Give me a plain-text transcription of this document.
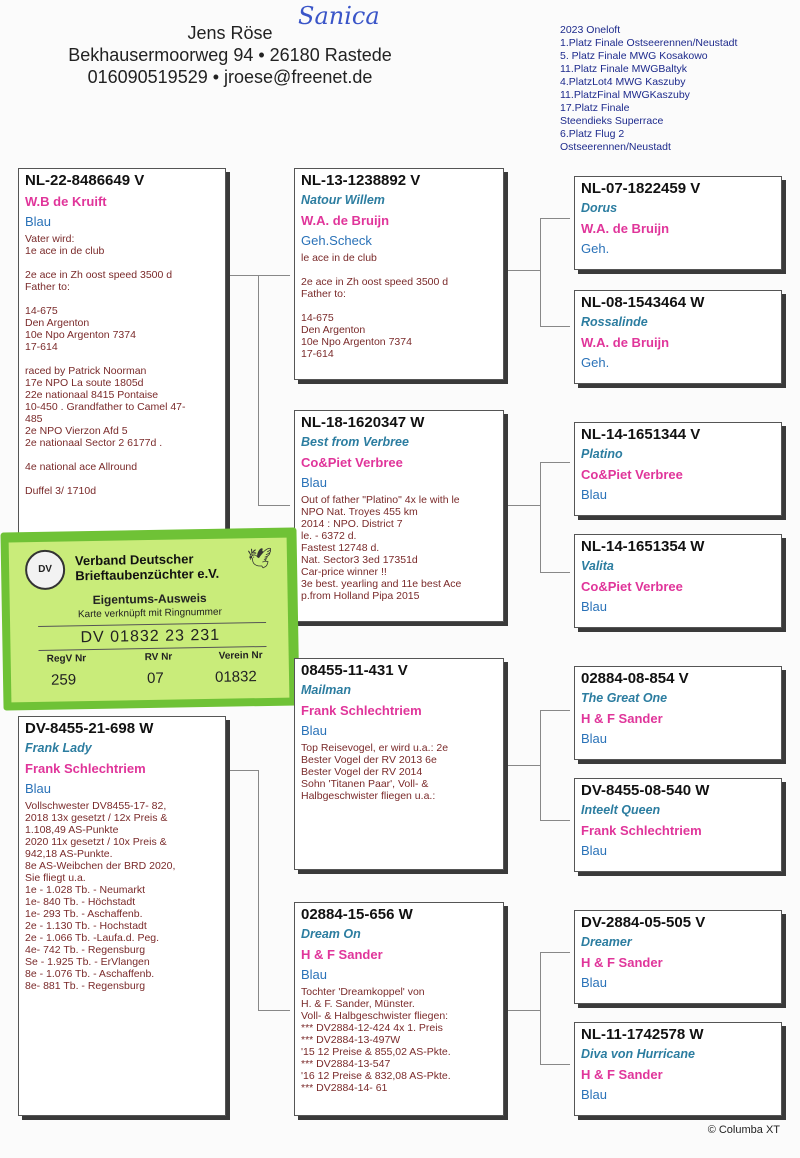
Sanica
Jens Röse
Bekhausermoorweg 94 • 26180 Rastede
016090519529 • jroese@freenet.de
2023 Oneloft
1.Platz Finale Ostseerennen/Neustadt
5. Platz Finale MWG Kosakowo
11.Platz Finale MWGBaltyk
4.PlatzLot4 MWG Kaszuby
11.PlatzFinal MWGKaszuby
17.Platz Finale
Steendieks Superrace
6.Platz Flug 2
Ostseerennen/Neustadt
NL-22-8486649 V
W.B de Kruift
Blau
Vater wird:
1e ace in de club
2e ace in Zh oost speed 3500 d
Father to:
14-675
Den Argenton
10e Npo Argenton 7374
17-614
raced by Patrick Noorman
17e NPO La soute 1805d
22e nationaal 8415 Pontaise
10-450 . Grandfather to Camel 47-
485
2e NPO Vierzon Afd 5
2e nationaal Sector 2 6177d .
4e national ace Allround
Duffel 3/ 1710d
NL-13-1238892 V
Natour Willem
W.A. de Bruijn
Geh.Scheck
le ace in de club
2e ace in Zh oost speed 3500 d
Father to:
14-675
Den Argenton
10e Npo Argenton 7374
17-614
NL-18-1620347 W
Best from Verbree
Co&Piet Verbree
Blau
Out of father "Platino" 4x le with le
NPO Nat. Troyes 455 km
2014 : NPO. District 7
le. - 6372 d.
Fastest 12748 d.
Nat. Sector3 3ed 17351d
Car-price winner !!
3e best. yearling and 11e best Ace
p.from Holland Pipa 2015
NL-07-1822459 V
Dorus
W.A. de Bruijn
Geh.
NL-08-1543464 W
Rossalinde
W.A. de Bruijn
Geh.
NL-14-1651344 V
Platino
Co&Piet Verbree
Blau
NL-14-1651354 W
Valita
Co&Piet Verbree
Blau
DV	🕊
Verband Deutscher
Brieftaubenzüchter e.V.
Eigentums-Ausweis
Karte verknüpft mit Ringnummer
DV 01832 23 231
RegV Nr	RV Nr	Verein Nr
259	07	01832
DV-8455-21-698 W
Frank Lady
Frank Schlechtriem
Blau
Vollschwester DV8455-17- 82,
2018 13x gesetzt / 12x Preis &
1.108,49 AS-Punkte
2020 11x gesetzt / 10x Preis &
942,18 AS-Punkte.
8e AS-Weibchen der BRD 2020,
Sie fliegt u.a.
1e - 1.028 Tb. - Neumarkt
1e- 840 Tb. - Höchstadt
1e- 293 Tb. - Aschaffenb.
2e - 1.130 Tb. - Hochstadt
2e - 1.066 Tb. -Laufa.d. Peg.
4e- 742 Tb. - Regensburg
Se - 1.925 Tb. - ErVlangen
8e - 1.076 Tb. - Aschaffenb.
8e- 881 Tb. - Regensburg
08455-11-431 V
Mailman
Frank Schlechtriem
Blau
Top Reisevogel, er wird u.a.: 2e
Bester Vogel der RV 2013 6e
Bester Vogel der RV 2014
Sohn 'Titanen Paar', Voll- &
Halbgeschwister fliegen u.a.:
02884-15-656 W
Dream On
H & F Sander
Blau
Tochter 'Dreamkoppel' von
H. & F. Sander, Münster.
Voll- & Halbgeschwister fliegen:
*** DV2884-12-424 4x 1. Preis
*** DV2884-13-497W
'15 12 Preise & 855,02 AS-Pkte.
*** DV2884-13-547
'16 12 Preise & 832,08 AS-Pkte.
*** DV2884-14- 61
02884-08-854 V
The Great One
H & F Sander
Blau
DV-8455-08-540 W
Inteelt Queen
Frank Schlechtriem
Blau
DV-2884-05-505 V
Dreamer
H & F Sander
Blau
NL-11-1742578 W
Diva von Hurricane
H & F Sander
Blau
© Columba XT
